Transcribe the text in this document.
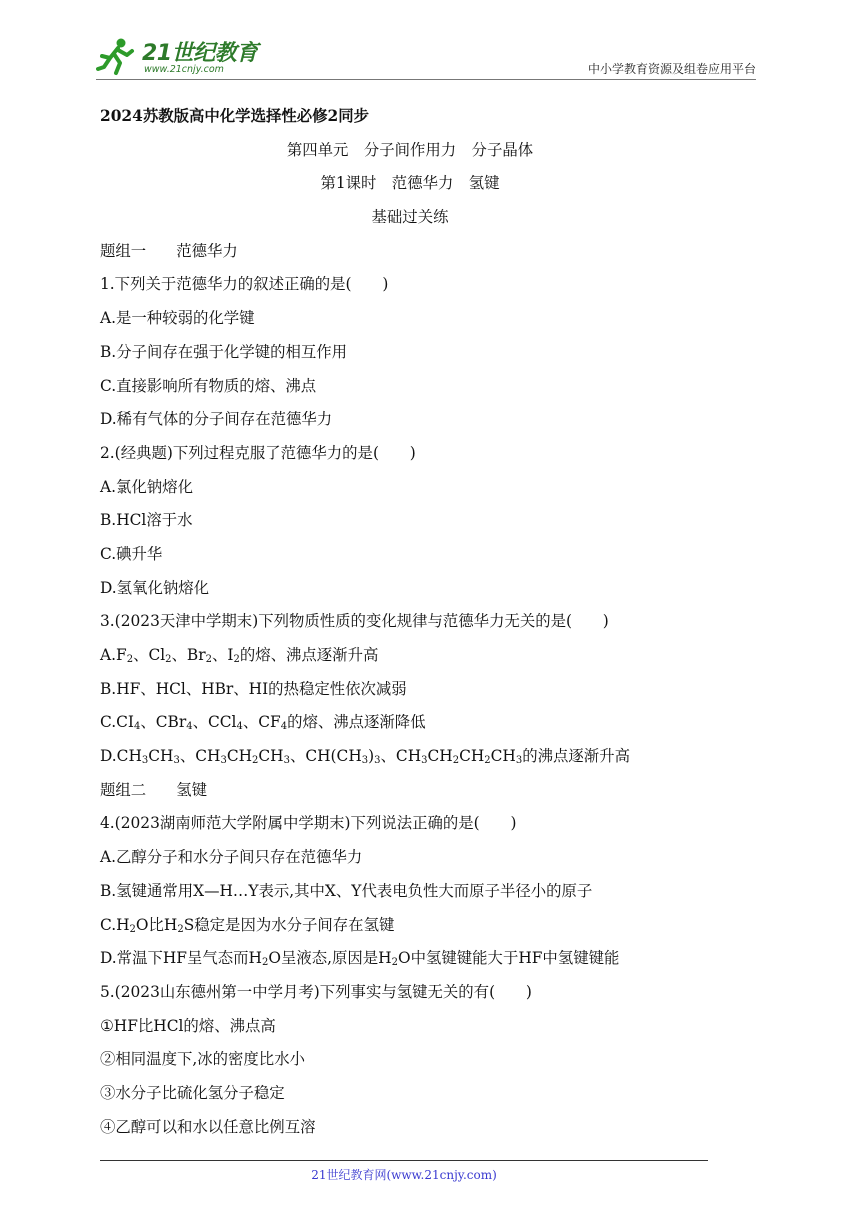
21世纪教育
www.21cnjy.com	中小学教育资源及组卷应用平台
2024苏教版高中化学选择性必修2同步
第四单元　分子间作用力　分子晶体
第1课时　范德华力　氢键
基础过关练
题组一 范德华力
1.下列关于范德华力的叙述正确的是(　　)
A.是一种较弱的化学键
B.分子间存在强于化学键的相互作用
C.直接影响所有物质的熔、沸点
D.稀有气体的分子间存在范德华力
2.(经典题)下列过程克服了范德华力的是(　　)
A.氯化钠熔化
B.HCl溶于水
C.碘升华
D.氢氧化钠熔化
3.(2023天津中学期末)下列物质性质的变化规律与范德华力无关的是(　　)
$A.F_2$、$Cl_2$、$Br_2$、$I_2$的熔、沸点逐渐升高
B.HF、HCl、HBr、HI的热稳定性依次减弱
$C.CI_4$、CBr$_4$、CCl$_4$、$CF_4$的熔、沸点逐渐降低
$D.CH_3CH_3$、$CH_3CH_2CH_3$、$CH(CH_3)_3$、$CH_3CH_2CH_2CH_3$的沸点逐渐升高
题组二 氢键
4.(2023湖南师范大学附属中学期末)下列说法正确的是(　　)
A.乙醇分子和水分子间只存在范德华力
B.氢键通常用X—H…Y表示,其中X、Y代表电负性大而原子半径小的原子
$C.H_2O$比$H_2S$稳定是因为水分子间存在氢键
D.常温下HF呈气态而$H_2O$呈液态,原因是$H_2O$中氢键键能大于HF中氢键键能
5.(2023山东德州第一中学月考)下列事实与氢键无关的有(　　)
①HF比HCl的熔、沸点高
②相同温度下,冰的密度比水小
③水分子比硫化氢分子稳定
④乙醇可以和水以任意比例互溶
21世纪教育网(www.21cnjy.com)
